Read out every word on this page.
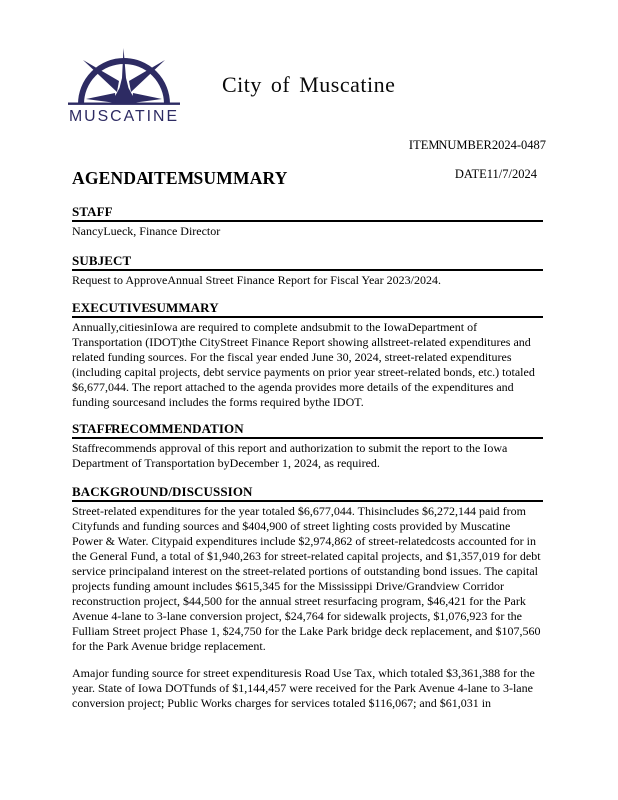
MUSCATINE
City of Muscatine
ITEM NUMBER2024-0487
AGENDA ITEM SUMMARY	DATE11/7/2024
STAFF

NancyLueck, Finance Director

SUBJECT

Request to ApproveAnnual Street Finance Report for Fiscal Year 2023/2024.

EXECUTIVE SUMMARY

Annually,citiesinIowa are required to complete andsubmit to the IowaDepartment of Transportation (IDOT)the CityStreet Finance Report showing allstreet-related expenditures and related funding sources. For the fiscal year ended June 30, 2024, street-related expenditures (including capital projects, debt service payments on prior year street-related bonds, etc.) totaled $6,677,044. The report attached to the agenda provides more details of the expenditures and funding sourcesand includes the forms required bythe IDOT.

STAFF RECOMMENDATION

Staffrecommends approval of this report and authorization to submit the report to the Iowa Department of Transportation byDecember 1, 2024, as required.

BACKGROUND/DISCUSSION

Street-related expenditures for the year totaled $6,677,044. Thisincludes $6,272,144 paid from Cityfunds and funding sources and $404,900 of street lighting costs provided by Muscatine Power & Water. Citypaid expenditures include $2,974,862 of street-relatedcosts accounted for in the General Fund, a total of $1,940,263 for street-related capital projects, and $1,357,019 for debt service principaland interest on the street-related portions of outstanding bond issues. The capital projects funding amount includes $615,345 for the Mississippi Drive/Grandview Corridor reconstruction project, $44,500 for the annual street resurfacing program, $46,421 for the Park Avenue 4-lane to 3-lane conversion project, $24,764 for sidewalk projects, $1,076,923 for the Fulliam Street project Phase 1, $24,750 for the Lake Park bridge deck replacement, and $107,560 for the Park Avenue bridge replacement.

Amajor funding source for street expendituresis Road Use Tax, which totaled $3,361,388 for the year. State of Iowa DOTfunds of $1,144,457 were received for the Park Avenue 4-lane to 3-lane conversion project; Public Works charges for services totaled $116,067; and $61,031 in
